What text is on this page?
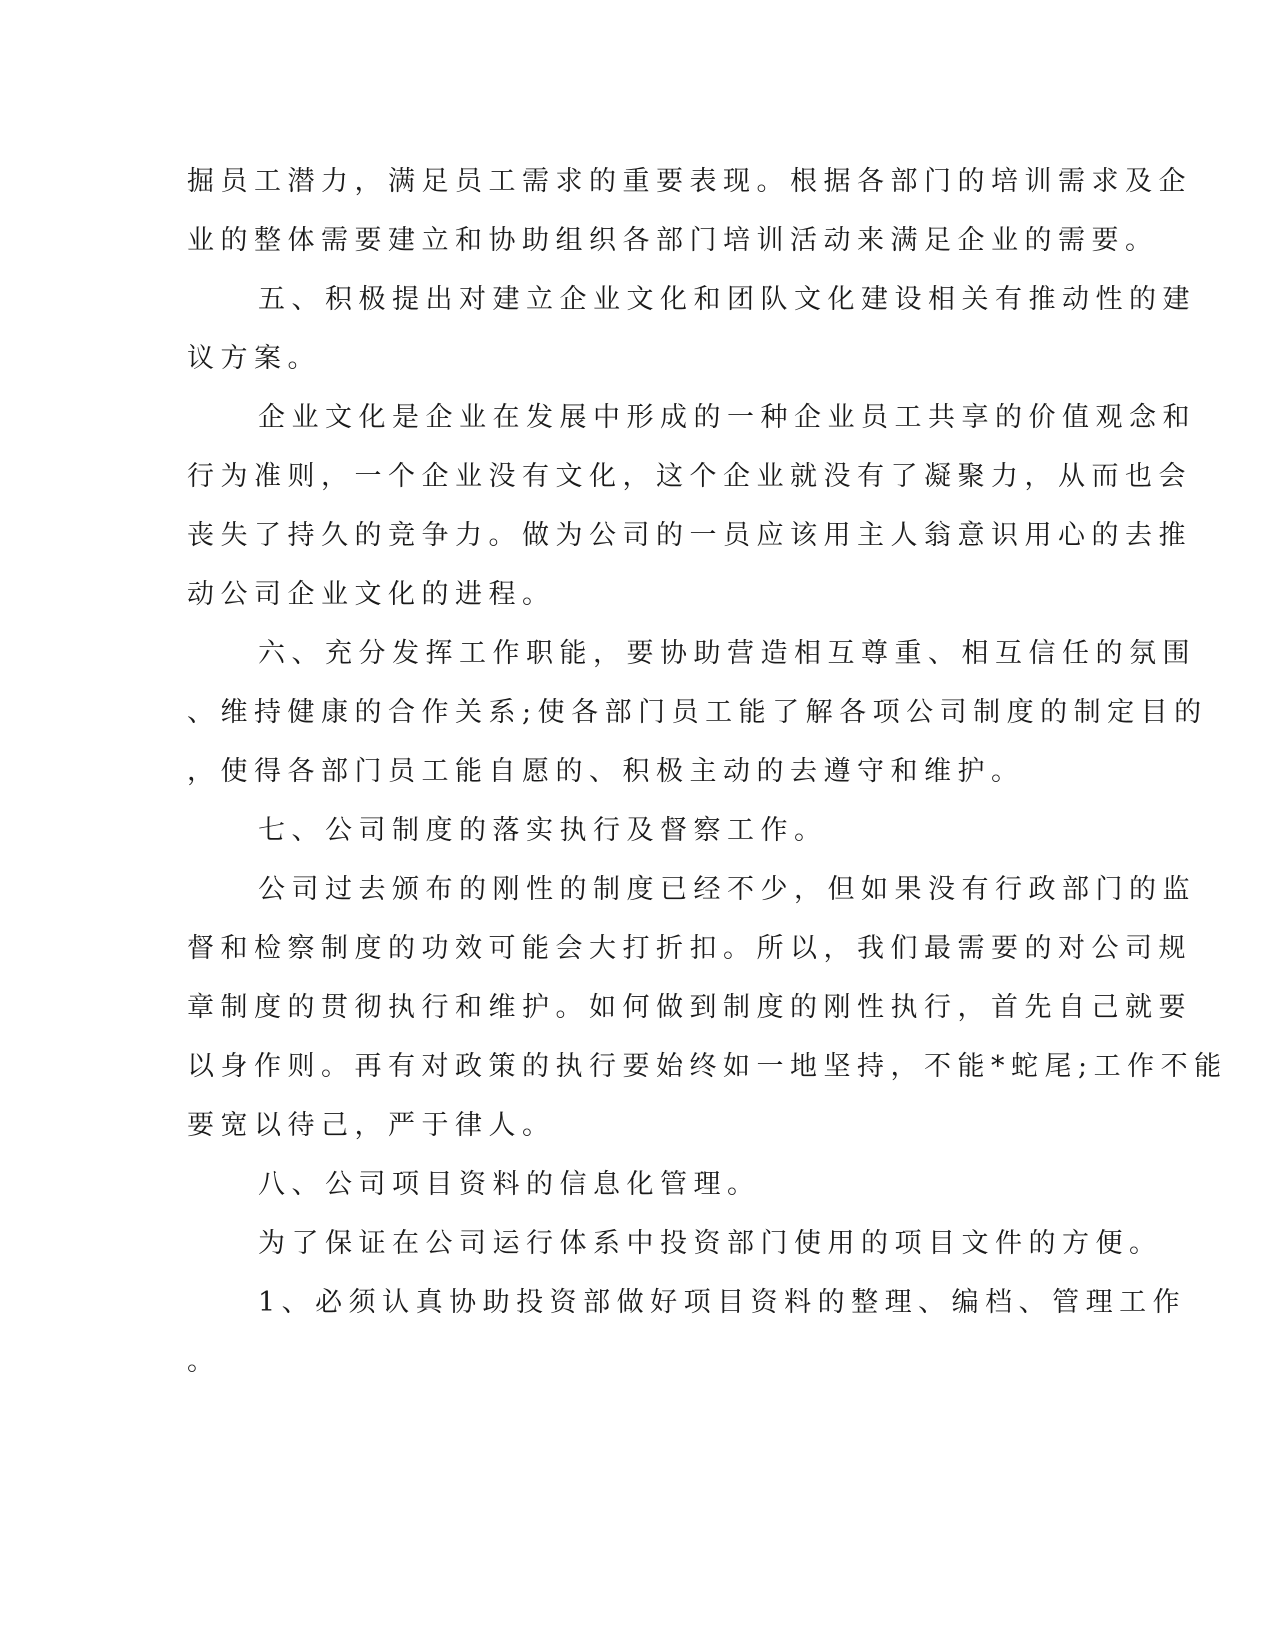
掘员工潜力，满足员工需求的重要表现。根据各部门的培训需求及企
业的整体需要建立和协助组织各部门培训活动来满足企业的需要。
五、积极提出对建立企业文化和团队文化建设相关有推动性的建
议方案。
企业文化是企业在发展中形成的一种企业员工共享的价值观念和
行为准则，一个企业没有文化，这个企业就没有了凝聚力，从而也会
丧失了持久的竞争力。做为公司的一员应该用主人翁意识用心的去推
动公司企业文化的进程。
六、充分发挥工作职能，要协助营造相互尊重、相互信任的氛围
、维持健康的合作关系;使各部门员工能了解各项公司制度的制定目的
，使得各部门员工能自愿的、积极主动的去遵守和维护。
七、公司制度的落实执行及督察工作。
公司过去颁布的刚性的制度已经不少，但如果没有行政部门的监
督和检察制度的功效可能会大打折扣。所以，我们最需要的对公司规
章制度的贯彻执行和维护。如何做到制度的刚性执行，首先自己就要
以身作则。再有对政策的执行要始终如一地坚持，不能*蛇尾;工作不能
要宽以待己，严于律人。
八、公司项目资料的信息化管理。
为了保证在公司运行体系中投资部门使用的项目文件的方便。
1、必须认真协助投资部做好项目资料的整理、编档、管理工作
。
